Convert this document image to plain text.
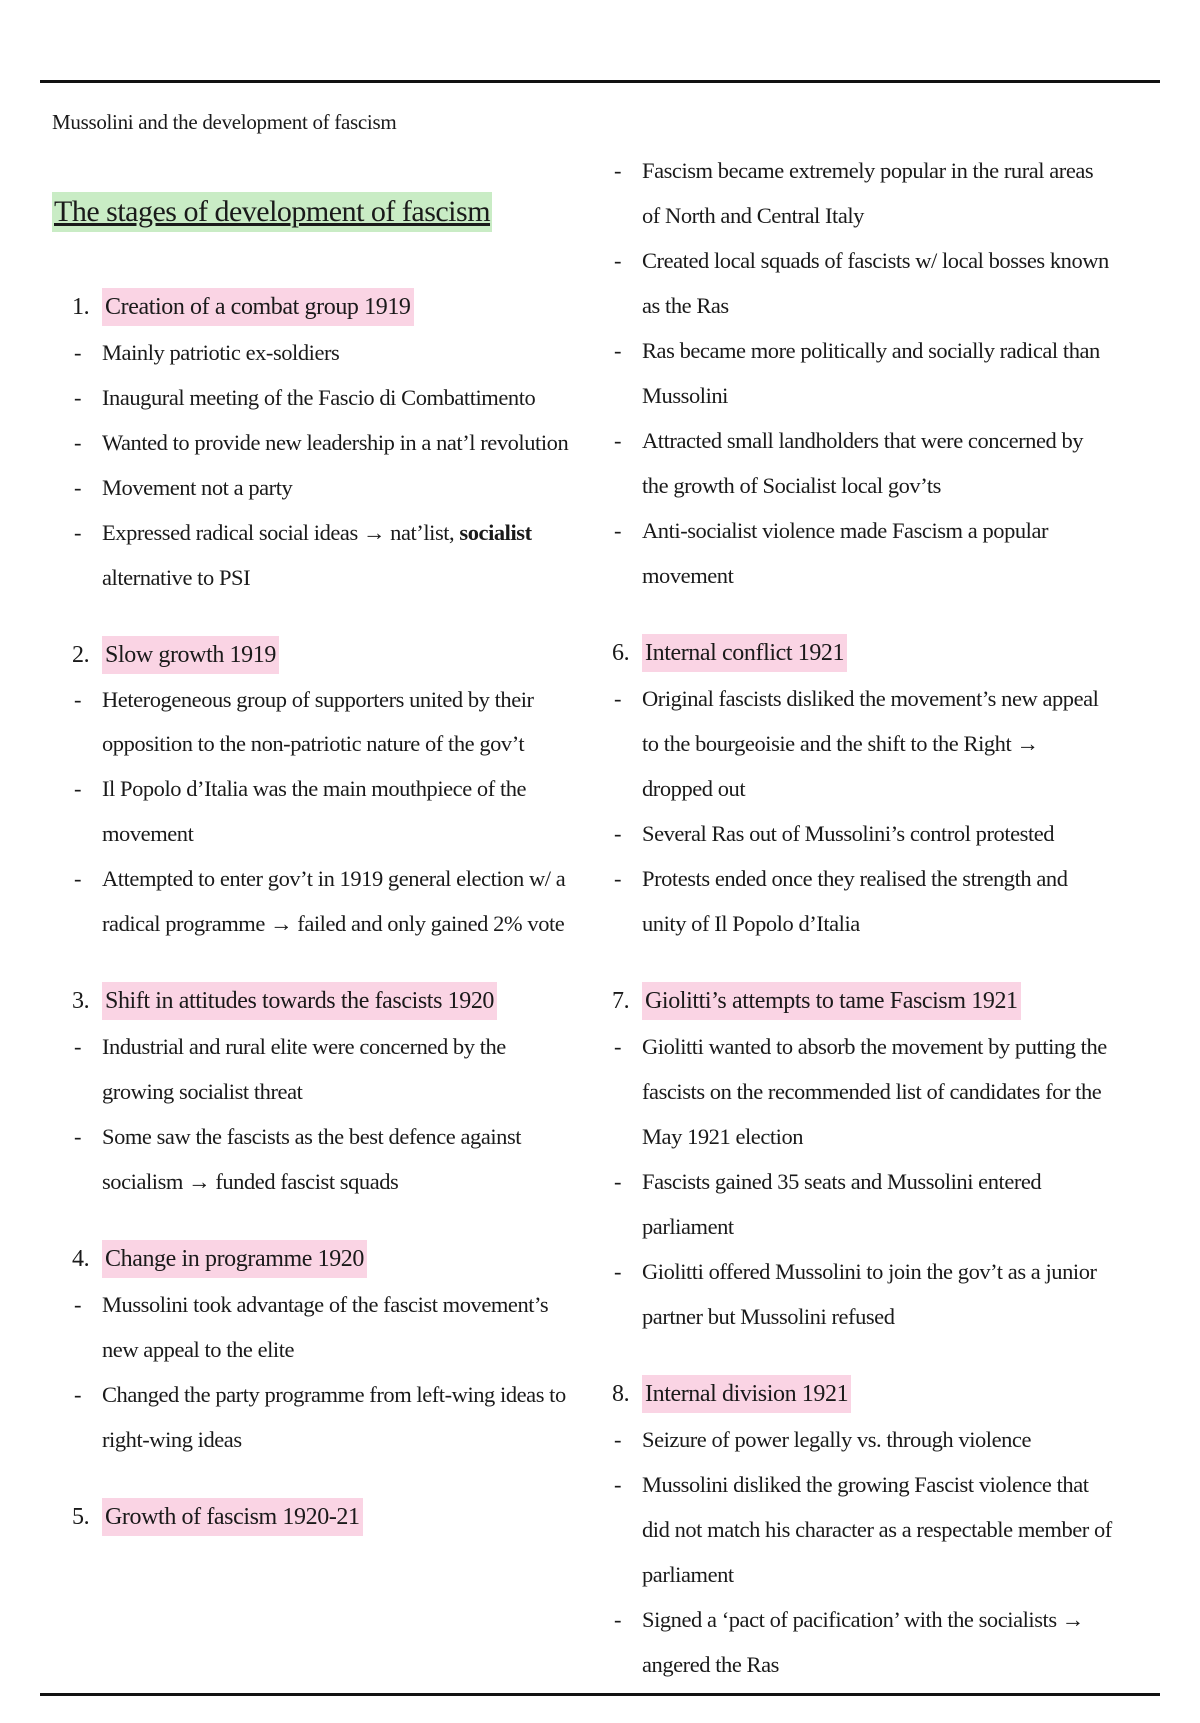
Mussolini and the development of fascism
The stages of development of fascism
1. Creation of a combat group 1919
- Mainly patriotic ex-soldiers
- Inaugural meeting of the Fascio di Combattimento
- Wanted to provide new leadership in a nat’l revolution
- Movement not a party
- Expressed radical social ideas → nat’list, socialist alternative to PSI
2. Slow growth 1919
- Heterogeneous group of supporters united by their opposition to the non-patriotic nature of the gov’t
- Il Popolo d’Italia was the main mouthpiece of the movement
- Attempted to enter gov’t in 1919 general election w/ a radical programme → failed and only gained 2% vote
3. Shift in attitudes towards the fascists 1920
- Industrial and rural elite were concerned by the growing socialist threat
- Some saw the fascists as the best defence against socialism → funded fascist squads
4. Change in programme 1920
- Mussolini took advantage of the fascist movement’s new appeal to the elite
- Changed the party programme from left-wing ideas to right-wing ideas
5. Growth of fascism 1920-21
- Fascism became extremely popular in the rural areas of North and Central Italy
- Created local squads of fascists w/ local bosses known as the Ras
- Ras became more politically and socially radical than Mussolini
- Attracted small landholders that were concerned by the growth of Socialist local gov’ts
- Anti-socialist violence made Fascism a popular movement
6. Internal conflict 1921
- Original fascists disliked the movement’s new appeal to the bourgeoisie and the shift to the Right → dropped out
- Several Ras out of Mussolini’s control protested
- Protests ended once they realised the strength and unity of Il Popolo d’Italia
7. Giolitti’s attempts to tame Fascism 1921
- Giolitti wanted to absorb the movement by putting the fascists on the recommended list of candidates for the May 1921 election
- Fascists gained 35 seats and Mussolini entered parliament
- Giolitti offered Mussolini to join the gov’t as a junior partner but Mussolini refused
8. Internal division 1921
- Seizure of power legally vs. through violence
- Mussolini disliked the growing Fascist violence that did not match his character as a respectable member of parliament
- Signed a ‘pact of pacification’ with the socialists → angered the Ras
